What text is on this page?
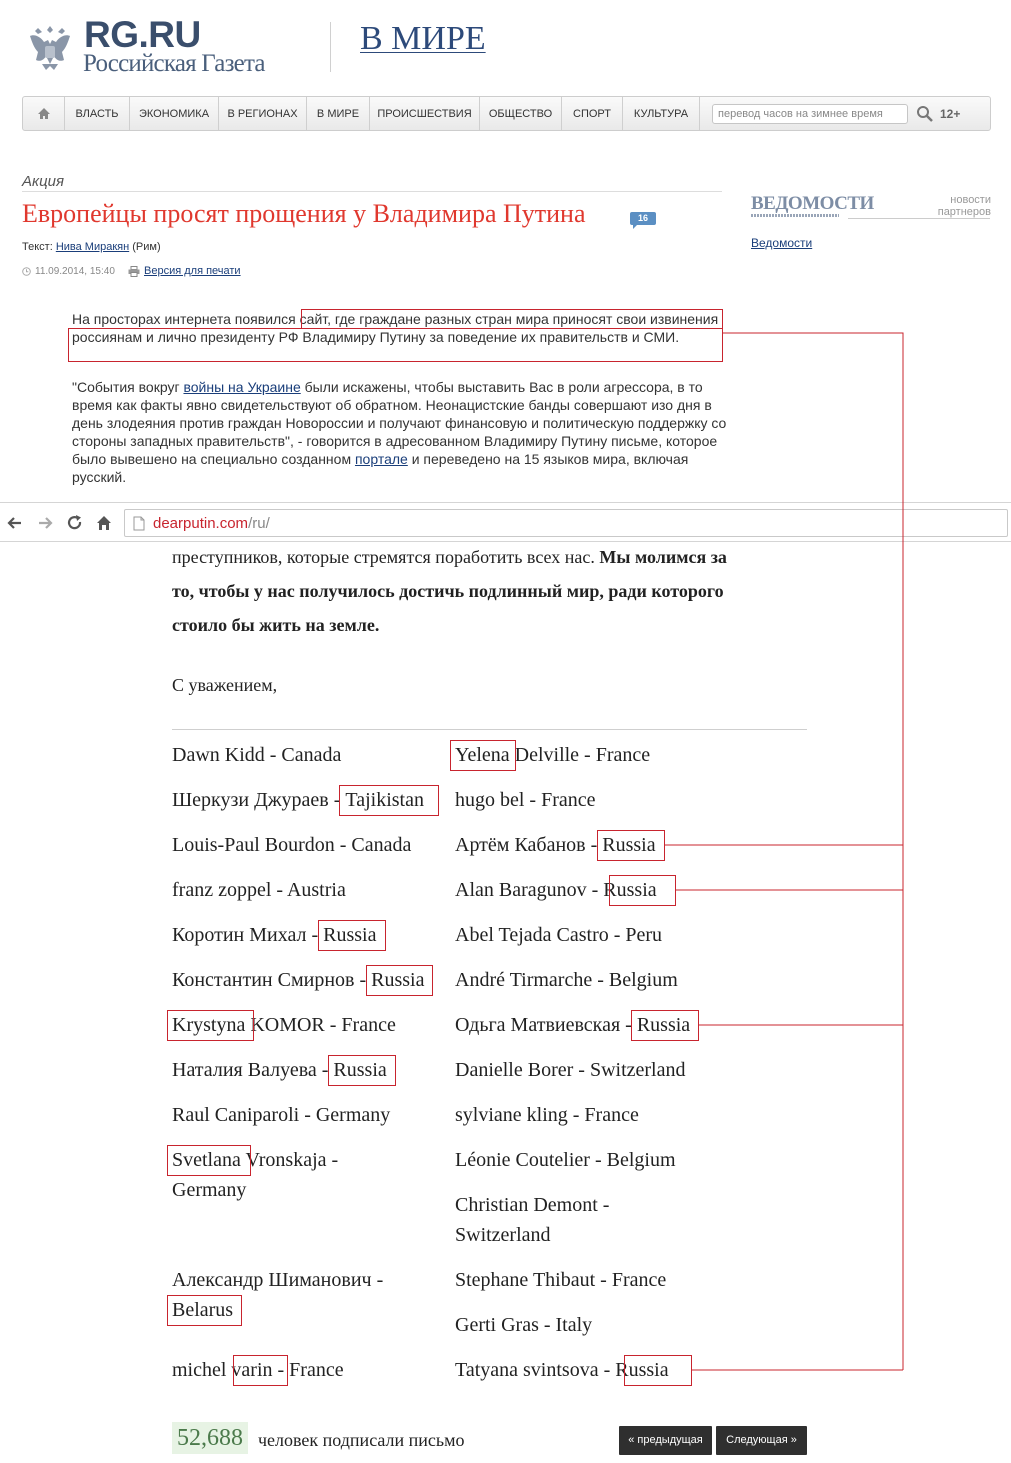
RG.RU
Российская Газета
В МИРЕ
ВЛАСТЬ	ЭКОНОМИКА	В РЕГИОНАХ	В МИРЕ	ПРОИСШЕСТВИЯ	ОБЩЕСТВО	СПОРТ	КУЛЬТУРА
перевод часов на зимнее время	12+
Акция
Европейцы просят прощения у Владимира Путина	16
Текст: Нива Миракян (Рим)
11.09.2014, 15:40	Версия для печати
ВЕДОМОСТИ	новости партнеров
Ведомости
На просторах интернета появился сайт, где граждане разных стран мира приносят свои извинения россиянам и лично президенту РФ Владимиру Путину за поведение их правительств и СМИ.
"События вокруг войны на Украине были искажены, чтобы выставить Вас в роли агрессора, в то время как факты явно свидетельствуют об обратном. Неонацистские банды совершают изо дня в день злодеяния против граждан Новороссии и получают финансовую и политическую поддержку со стороны западных правительств", - говорится в адресованном Владимиру Путину письме, которое было вывешено на специально созданном портале и переведено на 15 языков мира, включая русский.
dearputin.com /ru/
преступников, которые стремятся поработить всех нас. Мы молимся за
то, чтобы у нас получилось достичь подлинный мир, ради которого
стоило бы жить на земле.
С уважением,
Dawn Kidd - Canada
Шеркузи Джураев - Tajikistan
Louis-Paul Bourdon - Canada
franz zoppel - Austria
Коротин Михал - Russia
Константин Смирнов - Russia
Krystyna KOMOR - France
Наталия Валуева - Russia
Raul Caniparoli - Germany
Svetlana Vronskaja - Germany
Александр Шиманович - Belarus
michel varin - France
Yelena Delville - France
hugo bel - France
Артём Кабанов - Russia
Alan Baragunov - Russia
Abel Tejada Castro - Peru
André Tirmarche - Belgium
Одьга Матвиевская - Russia
Danielle Borer - Switzerland
sylviane kling - France
Léonie Coutelier - Belgium
Christian Demont - Switzerland
Stephane Thibaut - France
Gerti Gras - Italy
Tatyana svintsova - Russia
52,688 человек подписали письмо	« предыдущая	Следующая »
